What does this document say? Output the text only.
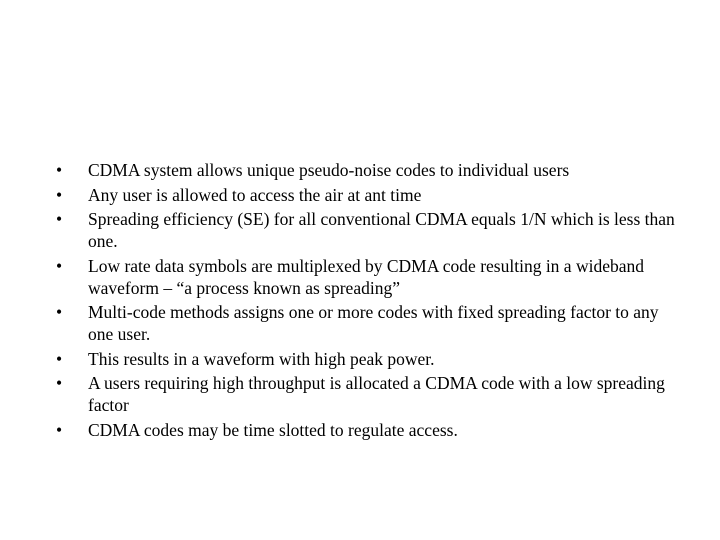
•	CDMA system allows unique pseudo-noise codes to individual users
•	Any user is allowed to access the air at ant time
•	Spreading efficiency (SE) for all conventional CDMA equals 1/N which is less than one.
•	Low rate data symbols are multiplexed by CDMA code resulting in a wideband waveform – “a process known as spreading”
•	Multi-code methods assigns one or more codes with fixed spreading factor to any one user.
•	This results in a waveform with high peak power.
•	A users requiring high throughput is allocated a CDMA code with a low spreading factor
•	CDMA codes may be time slotted to regulate access.
